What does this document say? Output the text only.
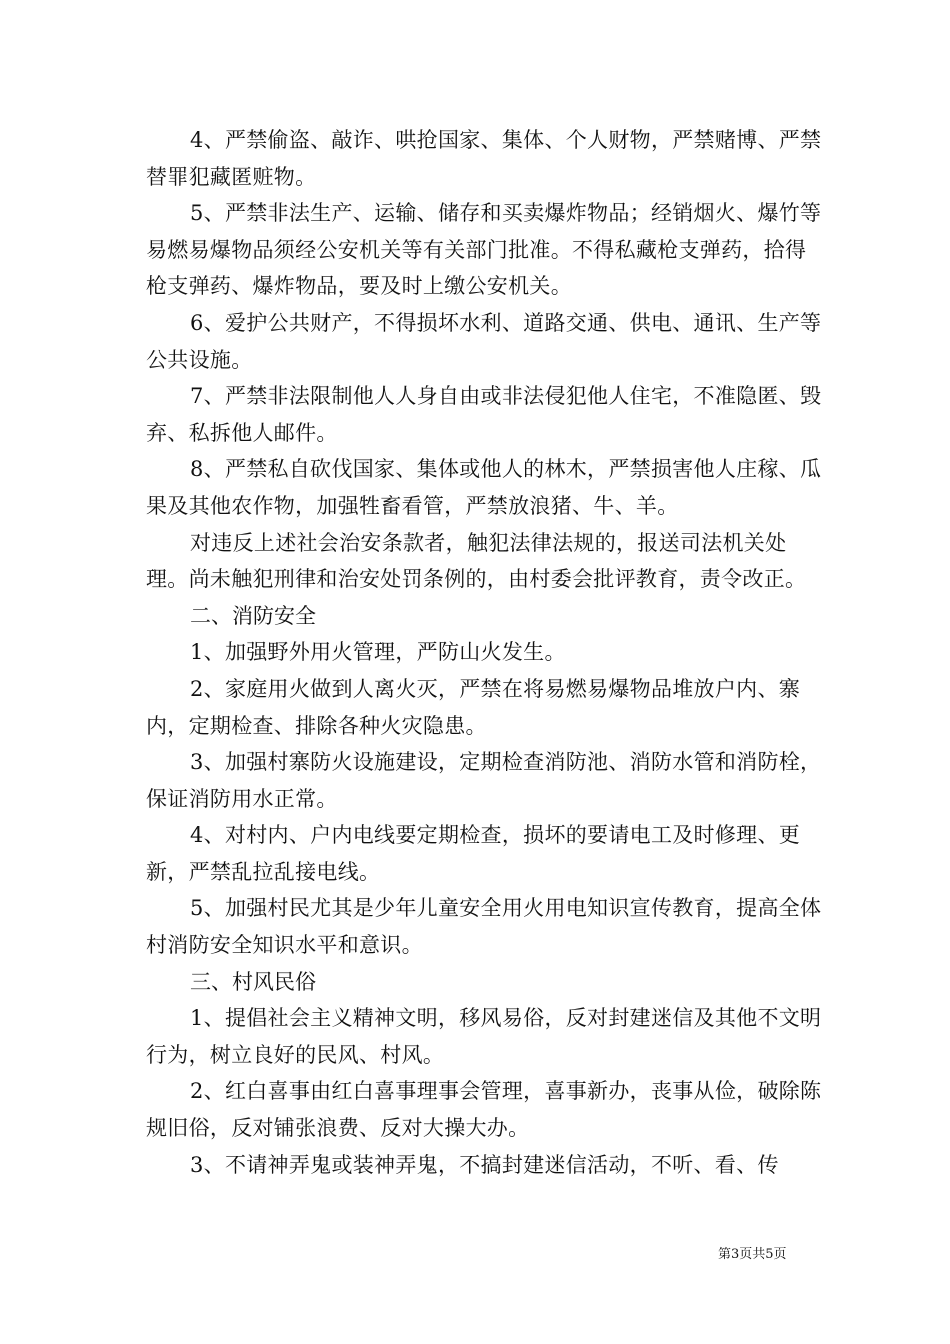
4、严禁偷盗、敲诈、哄抢国家、集体、个人财物，严禁赌博、严禁替罪犯藏匿赃物。

5、严禁非法生产、运输、储存和买卖爆炸物品；经销烟火、爆竹等易燃易爆物品须经公安机关等有关部门批准。不得私藏枪支弹药，拾得枪支弹药、爆炸物品，要及时上缴公安机关。

6、爱护公共财产，不得损坏水利、道路交通、供电、通讯、生产等公共设施。

7、严禁非法限制他人人身自由或非法侵犯他人住宅，不准隐匿、毁弃、私拆他人邮件。

8、严禁私自砍伐国家、集体或他人的林木，严禁损害他人庄稼、瓜果及其他农作物，加强牲畜看管，严禁放浪猪、牛、羊。

对违反上述社会治安条款者，触犯法律法规的，报送司法机关处理。尚未触犯刑律和治安处罚条例的，由村委会批评教育，责令改正。

二、消防安全

1、加强野外用火管理，严防山火发生。

2、家庭用火做到人离火灭，严禁在将易燃易爆物品堆放户内、寨内，定期检查、排除各种火灾隐患。

3、加强村寨防火设施建设，定期检查消防池、消防水管和消防栓，保证消防用水正常。

4、对村内、户内电线要定期检查，损坏的要请电工及时修理、更新，严禁乱拉乱接电线。

5、加强村民尤其是少年儿童安全用火用电知识宣传教育，提高全体村消防安全知识水平和意识。

三、村风民俗

1、提倡社会主义精神文明，移风易俗，反对封建迷信及其他不文明行为，树立良好的民风、村风。

2、红白喜事由红白喜事理事会管理，喜事新办，丧事从俭，破除陈规旧俗，反对铺张浪费、反对大操大办。

3、不请神弄鬼或装神弄鬼，不搞封建迷信活动，不听、看、传

第3页共5页
